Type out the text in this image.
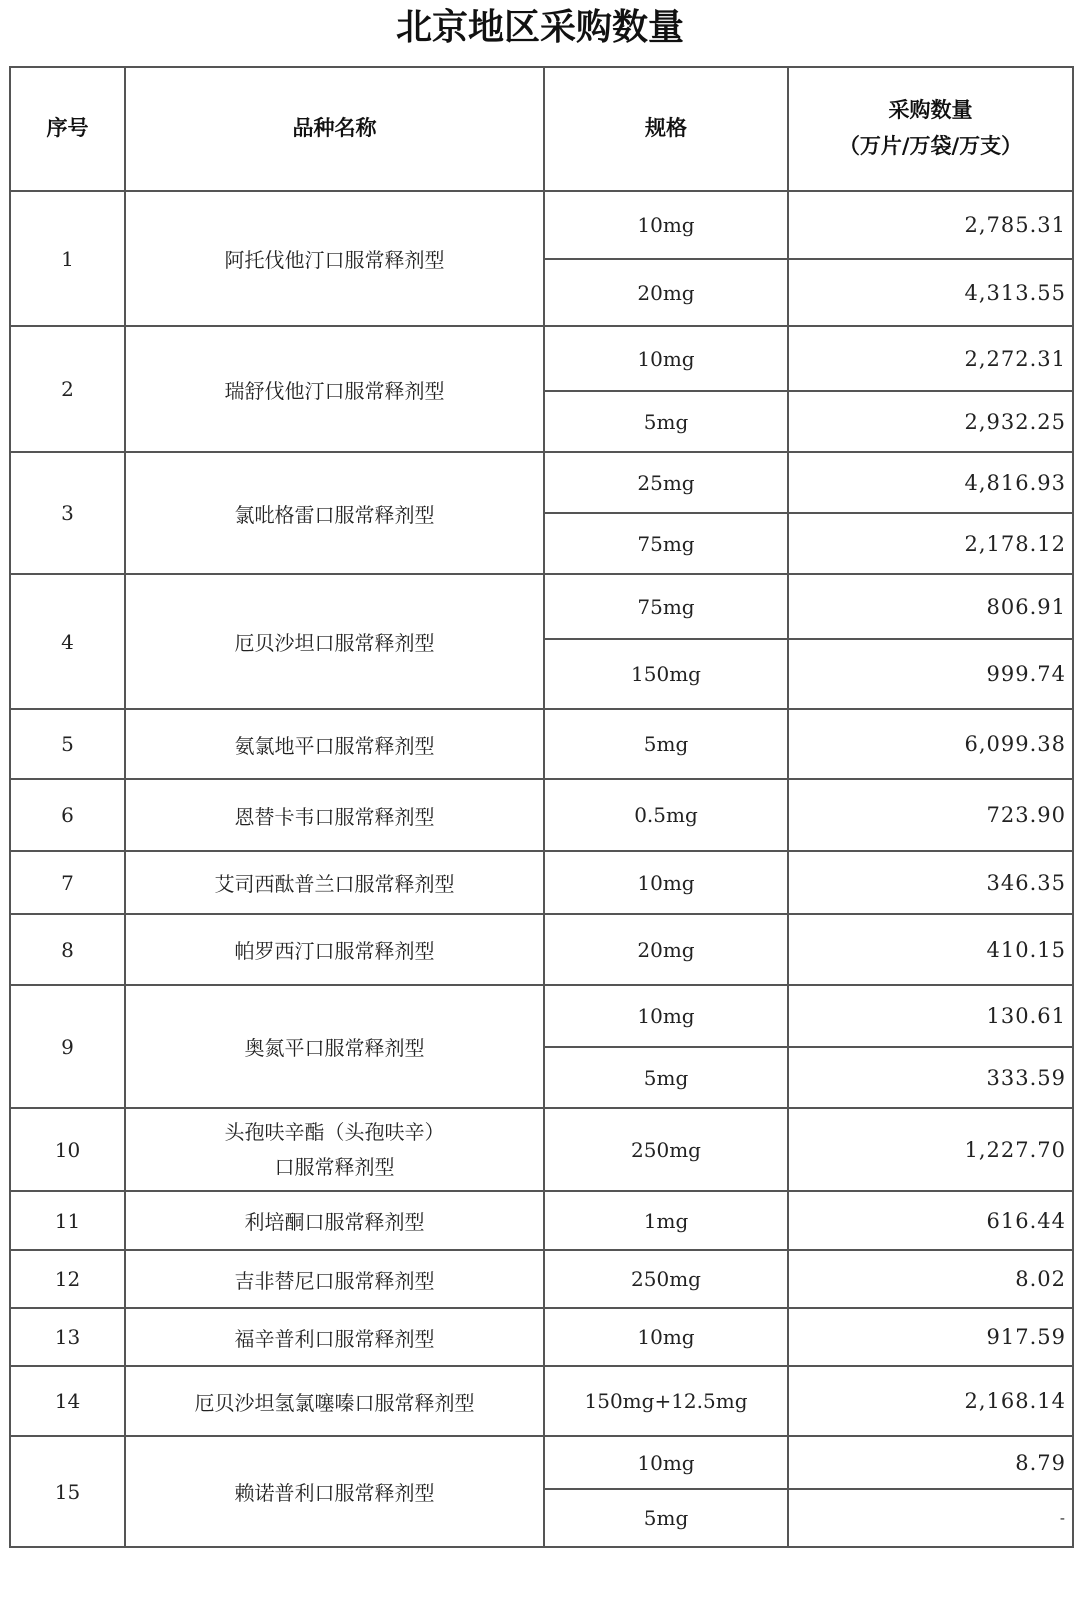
北京地区采购数量
序号	品种名称	规格	采购数量
（万片/万袋/万支）

1	阿托伐他汀口服常释剂型	10mg	2,785.31
		20mg	4,313.55
2	瑞舒伐他汀口服常释剂型	10mg	2,272.31
		5mg	2,932.25
3	氯吡格雷口服常释剂型	25mg	4,816.93
		75mg	2,178.12
4	厄贝沙坦口服常释剂型	75mg	806.91
		150mg	999.74
5	氨氯地平口服常释剂型	5mg	6,099.38
6	恩替卡韦口服常释剂型	0.5mg	723.90
7	艾司西酞普兰口服常释剂型	10mg	346.35
8	帕罗西汀口服常释剂型	20mg	410.15
9	奥氮平口服常释剂型	10mg	130.61
		5mg	333.59
10	头孢呋辛酯（头孢呋辛）
口服常释剂型	250mg	1,227.70
11	利培酮口服常释剂型	1mg	616.44
12	吉非替尼口服常释剂型	250mg	8.02
13	福辛普利口服常释剂型	10mg	917.59
14	厄贝沙坦氢氯噻嗪口服常释剂型	150mg+12.5mg	2,168.14
15	赖诺普利口服常释剂型	10mg	8.79
		5mg	-
